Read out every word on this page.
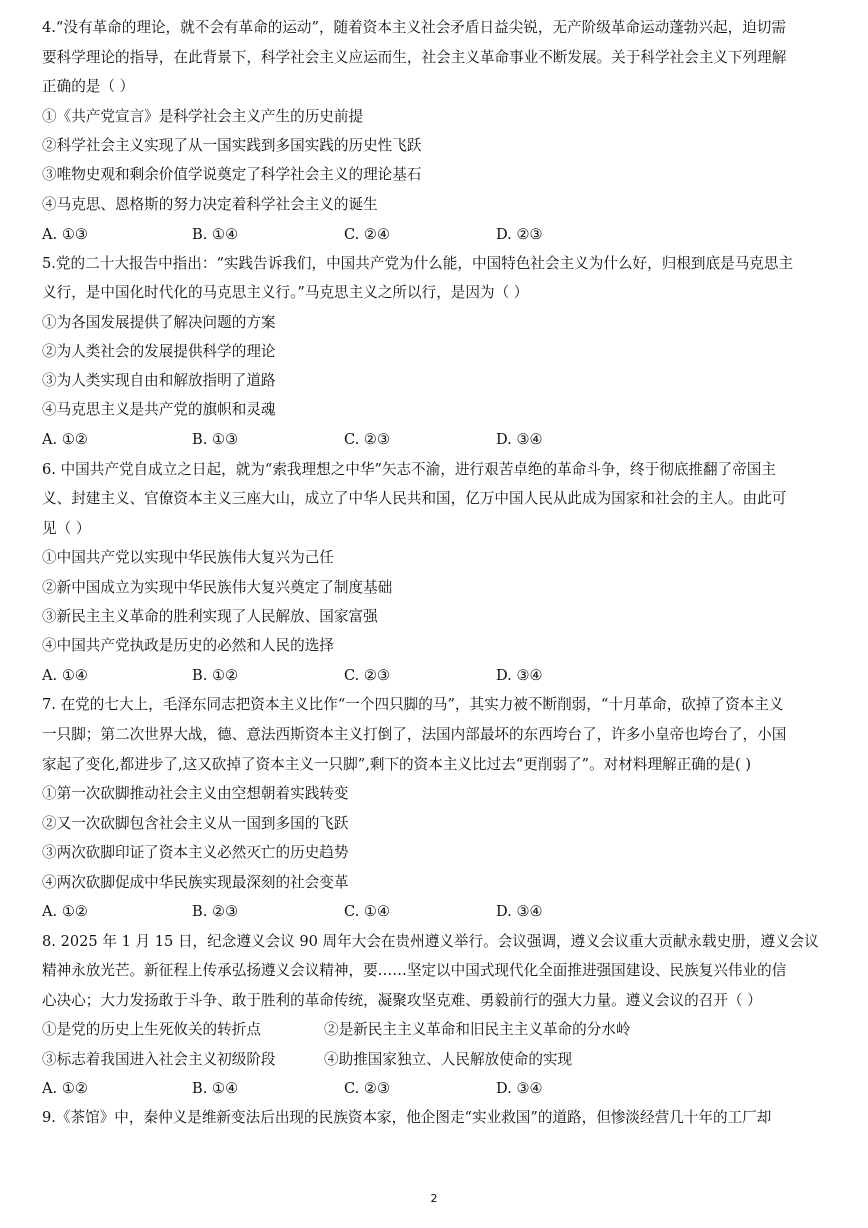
4.“没有革命的理论，就不会有革命的运动”，随着资本主义社会矛盾日益尖锐，无产阶级革命运动蓬勃兴起，迫切需
要科学理论的指导，在此背景下，科学社会主义应运而生，社会主义革命事业不断发展。关于科学社会主义下列理解
正确的是（ ）
①《共产党宣言》是科学社会主义产生的历史前提
②科学社会主义实现了从一国实践到多国实践的历史性飞跃
③唯物史观和剩余价值学说奠定了科学社会主义的理论基石
④马克思、恩格斯的努力决定着科学社会主义的诞生
A. ①③	B. ①④	C. ②④	D. ②③
5.党的二十大报告中指出：“实践告诉我们，中国共产党为什么能，中国特色社会主义为什么好，归根到底是马克思主
义行，是中国化时代化的马克思主义行。”马克思主义之所以行，是因为（ ）
①为各国发展提供了解决问题的方案
②为人类社会的发展提供科学的理论
③为人类实现自由和解放指明了道路
④马克思主义是共产党的旗帜和灵魂
A. ①②	B. ①③	C. ②③	D. ③④
6. 中国共产党自成立之日起，就为“索我理想之中华”矢志不渝，进行艰苦卓绝的革命斗争，终于彻底推翻了帝国主
义、封建主义、官僚资本主义三座大山，成立了中华人民共和国，亿万中国人民从此成为国家和社会的主人。由此可
见（ ）
①中国共产党以实现中华民族伟大复兴为己任
②新中国成立为实现中华民族伟大复兴奠定了制度基础
③新民主主义革命的胜利实现了人民解放、国家富强
④中国共产党执政是历史的必然和人民的选择
A. ①④	B. ①②	C. ②③	D. ③④
7. 在党的七大上，毛泽东同志把资本主义比作“一个四只脚的马”，其实力被不断削弱，“十月革命，砍掉了资本主义
一只脚；第二次世界大战，德、意法西斯资本主义打倒了，法国内部最坏的东西垮台了，许多小皇帝也垮台了，小国
家起了变化,都进步了,这又砍掉了资本主义一只脚”,剩下的资本主义比过去“更削弱了”。对材料理解正确的是( )
①第一次砍脚推动社会主义由空想朝着实践转变
②又一次砍脚包含社会主义从一国到多国的飞跃
③两次砍脚印证了资本主义必然灭亡的历史趋势
④两次砍脚促成中华民族实现最深刻的社会变革
A. ①②	B. ②③	C. ①④	D. ③④
8. 2025 年 1 月 15 日，纪念遵义会议 90 周年大会在贵州遵义举行。会议强调，遵义会议重大贡献永载史册，遵义会议
精神永放光芒。新征程上传承弘扬遵义会议精神，要……坚定以中国式现代化全面推进强国建设、民族复兴伟业的信
心决心；大力发扬敢于斗争、敢于胜利的革命传统，凝聚攻坚克难、勇毅前行的强大力量。遵义会议的召开（ ）
①是党的历史上生死攸关的转折点	②是新民主主义革命和旧民主主义革命的分水岭
③标志着我国进入社会主义初级阶段	④助推国家独立、人民解放使命的实现
A. ①②	B. ①④	C. ②③	D. ③④
9.《茶馆》中，秦仲义是维新变法后出现的民族资本家，他企图走“实业救国”的道路，但惨淡经营几十年的工厂却
2
